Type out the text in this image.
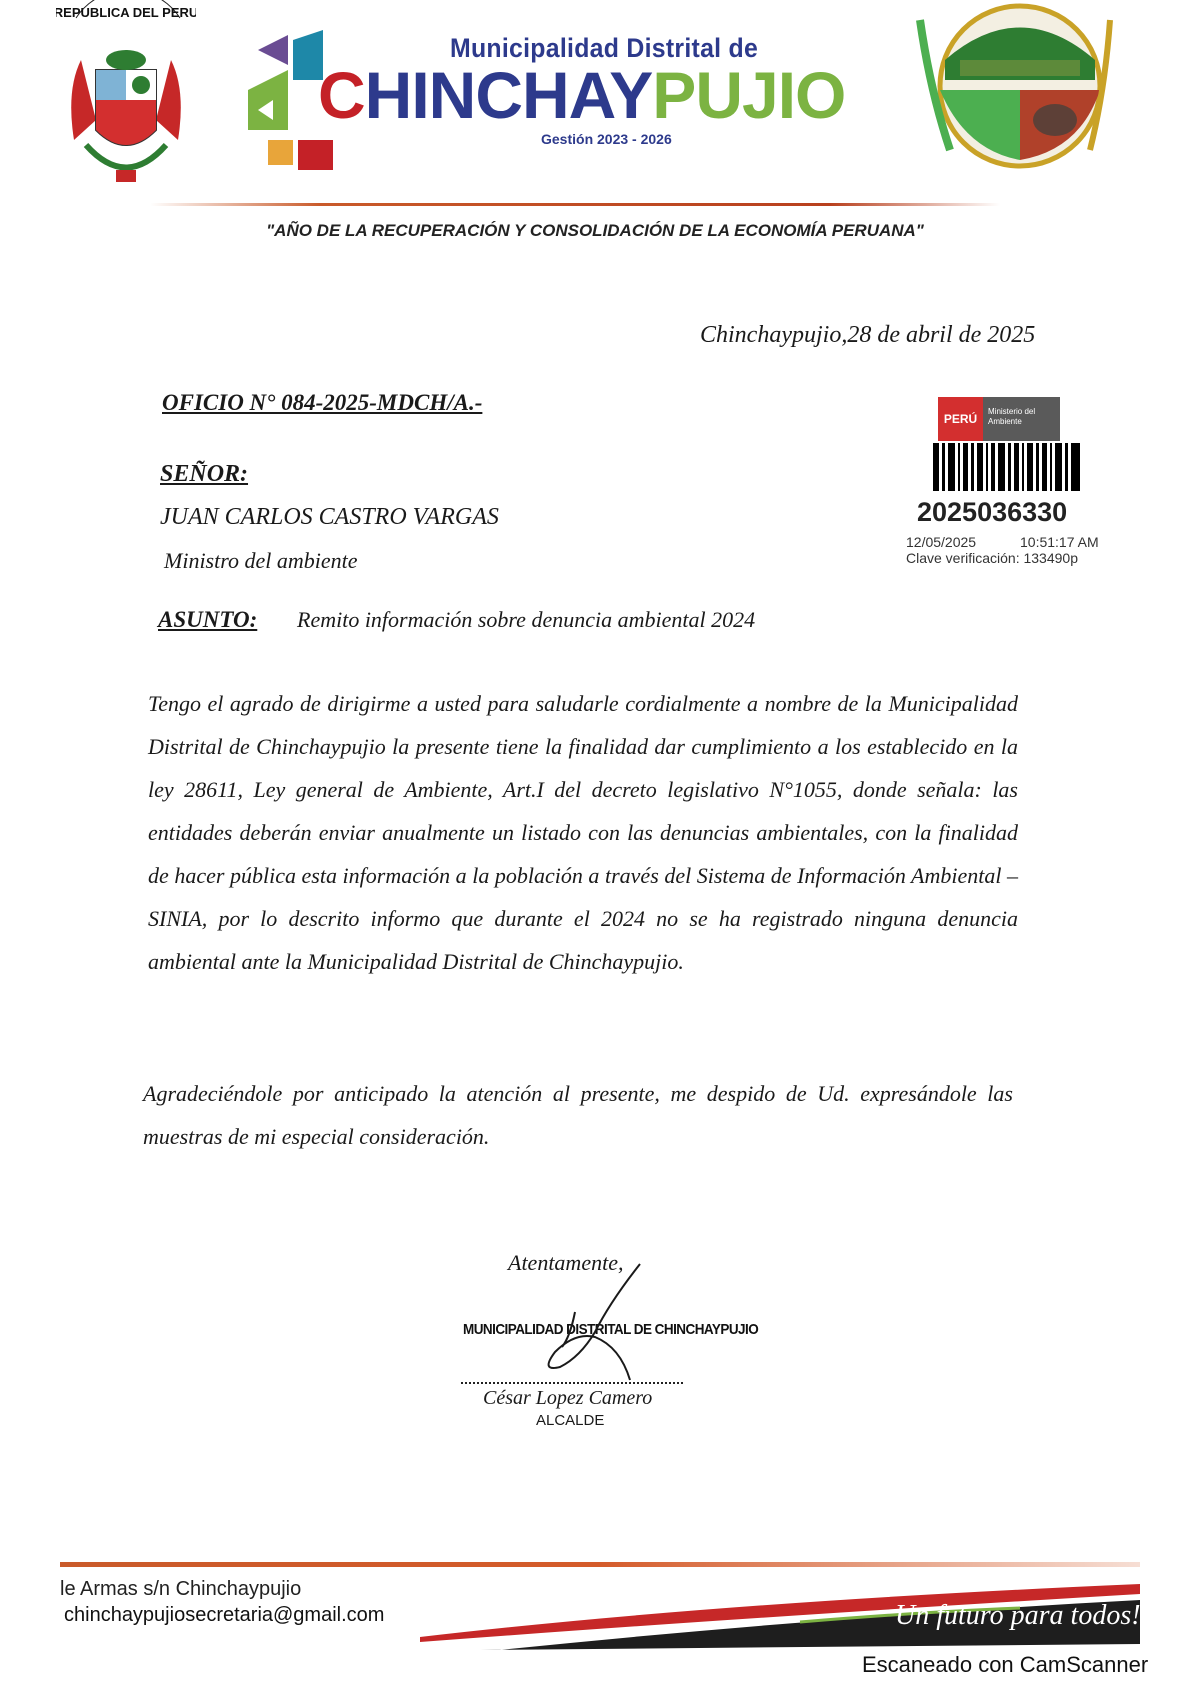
REPUBLICA DEL PERU
Municipalidad Distrital de
CHINCHAYPUJIO
Gestión 2023 - 2026
"AÑO DE LA RECUPERACIÓN Y CONSOLIDACIÓN DE LA ECONOMÍA PERUANA"
Chinchaypujio,28 de abril de 2025
OFICIO N° 084-2025-MDCH/A.-
PERÚ
Ministerio del Ambiente
2025036330
12/05/2025	10:51:17 AM
Clave verificación: 133490p
SEÑOR:
JUAN CARLOS CASTRO VARGAS
Ministro del ambiente
ASUNTO: Remito información sobre denuncia ambiental 2024
Tengo el agrado de dirigirme a usted para saludarle cordialmente a nombre de la Municipalidad Distrital de Chinchaypujio la presente tiene la finalidad dar cumplimiento a los establecido en la ley 28611, Ley general de Ambiente, Art.I del decreto legislativo N°1055, donde señala: las entidades deberán enviar anualmente un listado con las denuncias ambientales, con la finalidad de hacer pública esta información a la población a través del Sistema de Información Ambiental – SINIA, por lo descrito informo que durante el 2024 no se ha registrado ninguna denuncia ambiental ante la Municipalidad Distrital de Chinchaypujio.
Agradeciéndole por anticipado la atención al presente, me despido de Ud. expresándole las muestras de mi especial consideración.
Atentamente,
MUNICIPALIDAD DISTRITAL DE CHINCHAYPUJIO
César Lopez Camero
ALCALDE
le Armas s/n Chinchaypujio
chinchaypujiosecretaria@gmail.com	Un futuro para todos!
Escaneado con CamScanner
